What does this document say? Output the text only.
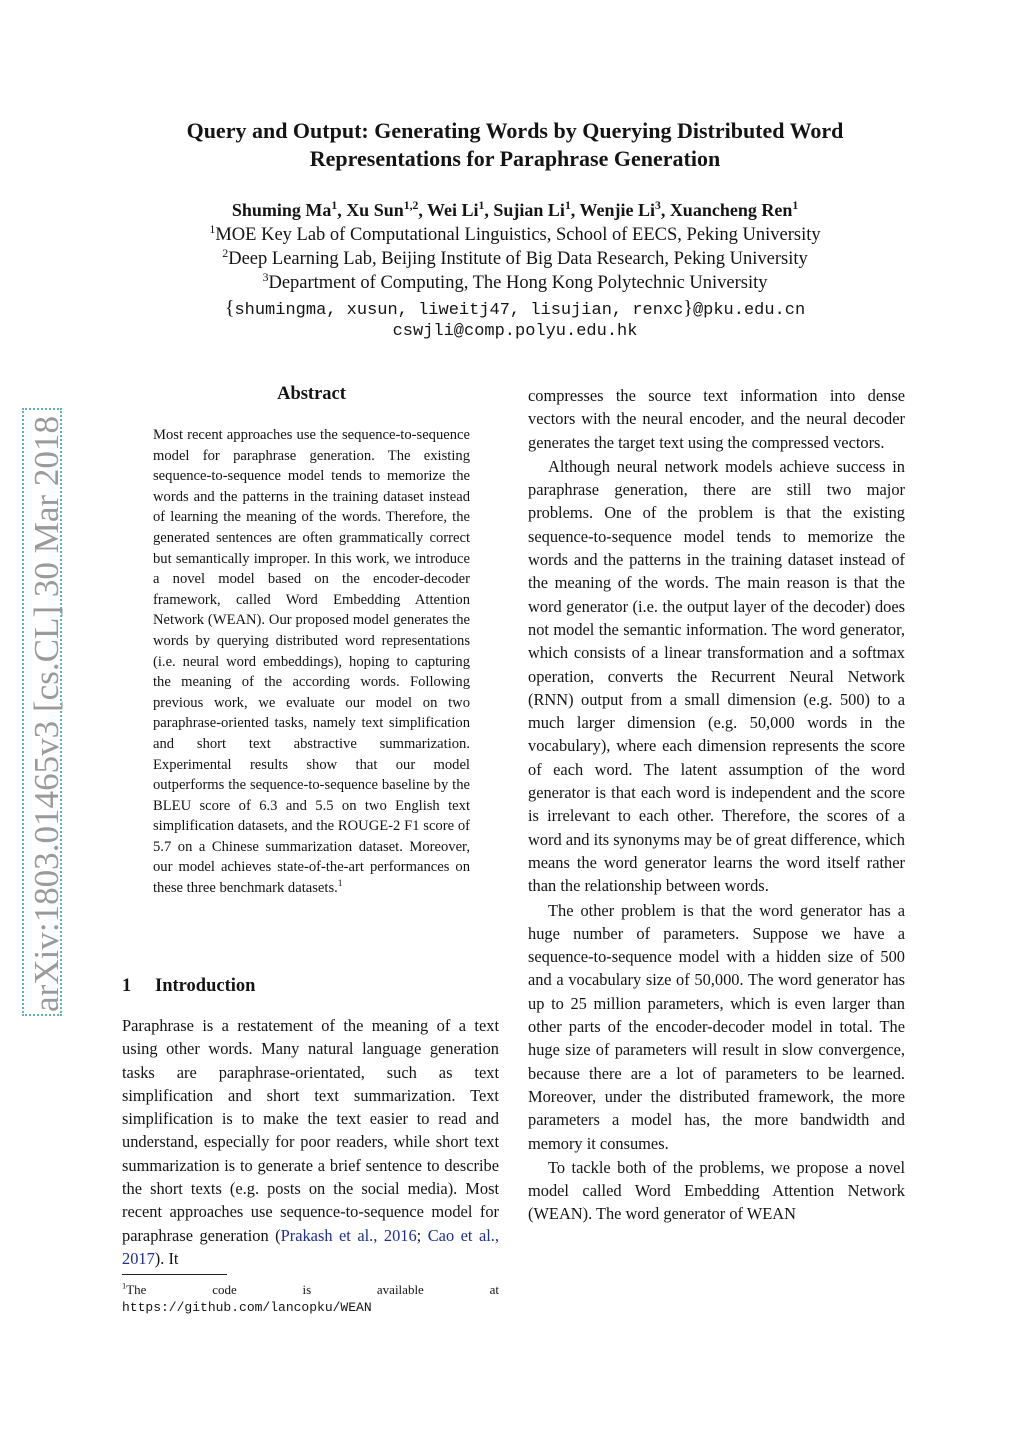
arXiv:1803.01465v3 [cs.CL] 30 Mar 2018
Query and Output: Generating Words by Querying Distributed Word
Representations for Paraphrase Generation
Shuming Ma$^1$, Xu Sun$^{1,2}$, Wei Li$^1$, Sujian Li$^1$, Wenjie Li$^3$, Xuancheng Ren$^1$
$^1$MOE Key Lab of Computational Linguistics, School of EECS, Peking University
$^2$Deep Learning Lab, Beijing Institute of Big Data Research, Peking University
$^3$Department of Computing, The Hong Kong Polytechnic University
{shumingma, xusun, liweitj47, lisujian, renxc}@pku.edu.cn
cswjli@comp.polyu.edu.hk
Abstract
Most recent approaches use the sequence-to-sequence model for paraphrase generation. The existing sequence-to-sequence model tends to memorize the words and the patterns in the training dataset instead of learning the meaning of the words. Therefore, the generated sentences are often grammatically correct but semantically improper. In this work, we introduce a novel model based on the encoder-decoder framework, called Word Embedding Attention Network (WEAN). Our proposed model generates the words by querying distributed word representations (i.e. neural word embeddings), hoping to capturing the meaning of the according words. Following previous work, we evaluate our model on two paraphrase-oriented tasks, namely text simplification and short text abstractive summarization. Experimental results show that our model outperforms the sequence-to-sequence baseline by the BLEU score of 6.3 and 5.5 on two English text simplification datasets, and the ROUGE-2 F1 score of 5.7 on a Chinese summarization dataset. Moreover, our model achieves state-of-the-art performances on these three benchmark datasets.$^1$
1 Introduction
Paraphrase is a restatement of the meaning of a text using other words. Many natural language generation tasks are paraphrase-orientated, such as text simplification and short text summarization. Text simplification is to make the text easier to read and understand, especially for poor readers, while short text summarization is to generate a brief sentence to describe the short texts (e.g. posts on the social media). Most recent approaches use sequence-to-sequence model for paraphrase generation (Prakash et al., 2016; Cao et al., 2017). It
$^1$The	code	is	available	at
https://github.com/lancopku/WEAN

compresses the source text information into dense vectors with the neural encoder, and the neural decoder generates the target text using the compressed vectors.

Although neural network models achieve success in paraphrase generation, there are still two major problems. One of the problem is that the existing sequence-to-sequence model tends to memorize the words and the patterns in the training dataset instead of the meaning of the words. The main reason is that the word generator (i.e. the output layer of the decoder) does not model the semantic information. The word generator, which consists of a linear transformation and a softmax operation, converts the Recurrent Neural Network (RNN) output from a small dimension (e.g. 500) to a much larger dimension (e.g. 50,000 words in the vocabulary), where each dimension represents the score of each word. The latent assumption of the word generator is that each word is independent and the score is irrelevant to each other. Therefore, the scores of a word and its synonyms may be of great difference, which means the word generator learns the word itself rather than the relationship between words.

The other problem is that the word generator has a huge number of parameters. Suppose we have a sequence-to-sequence model with a hidden size of 500 and a vocabulary size of 50,000. The word generator has up to 25 million parameters, which is even larger than other parts of the encoder-decoder model in total. The huge size of parameters will result in slow convergence, because there are a lot of parameters to be learned. Moreover, under the distributed framework, the more parameters a model has, the more bandwidth and memory it consumes.

To tackle both of the problems, we propose a novel model called Word Embedding Attention Network (WEAN). The word generator of WEAN
